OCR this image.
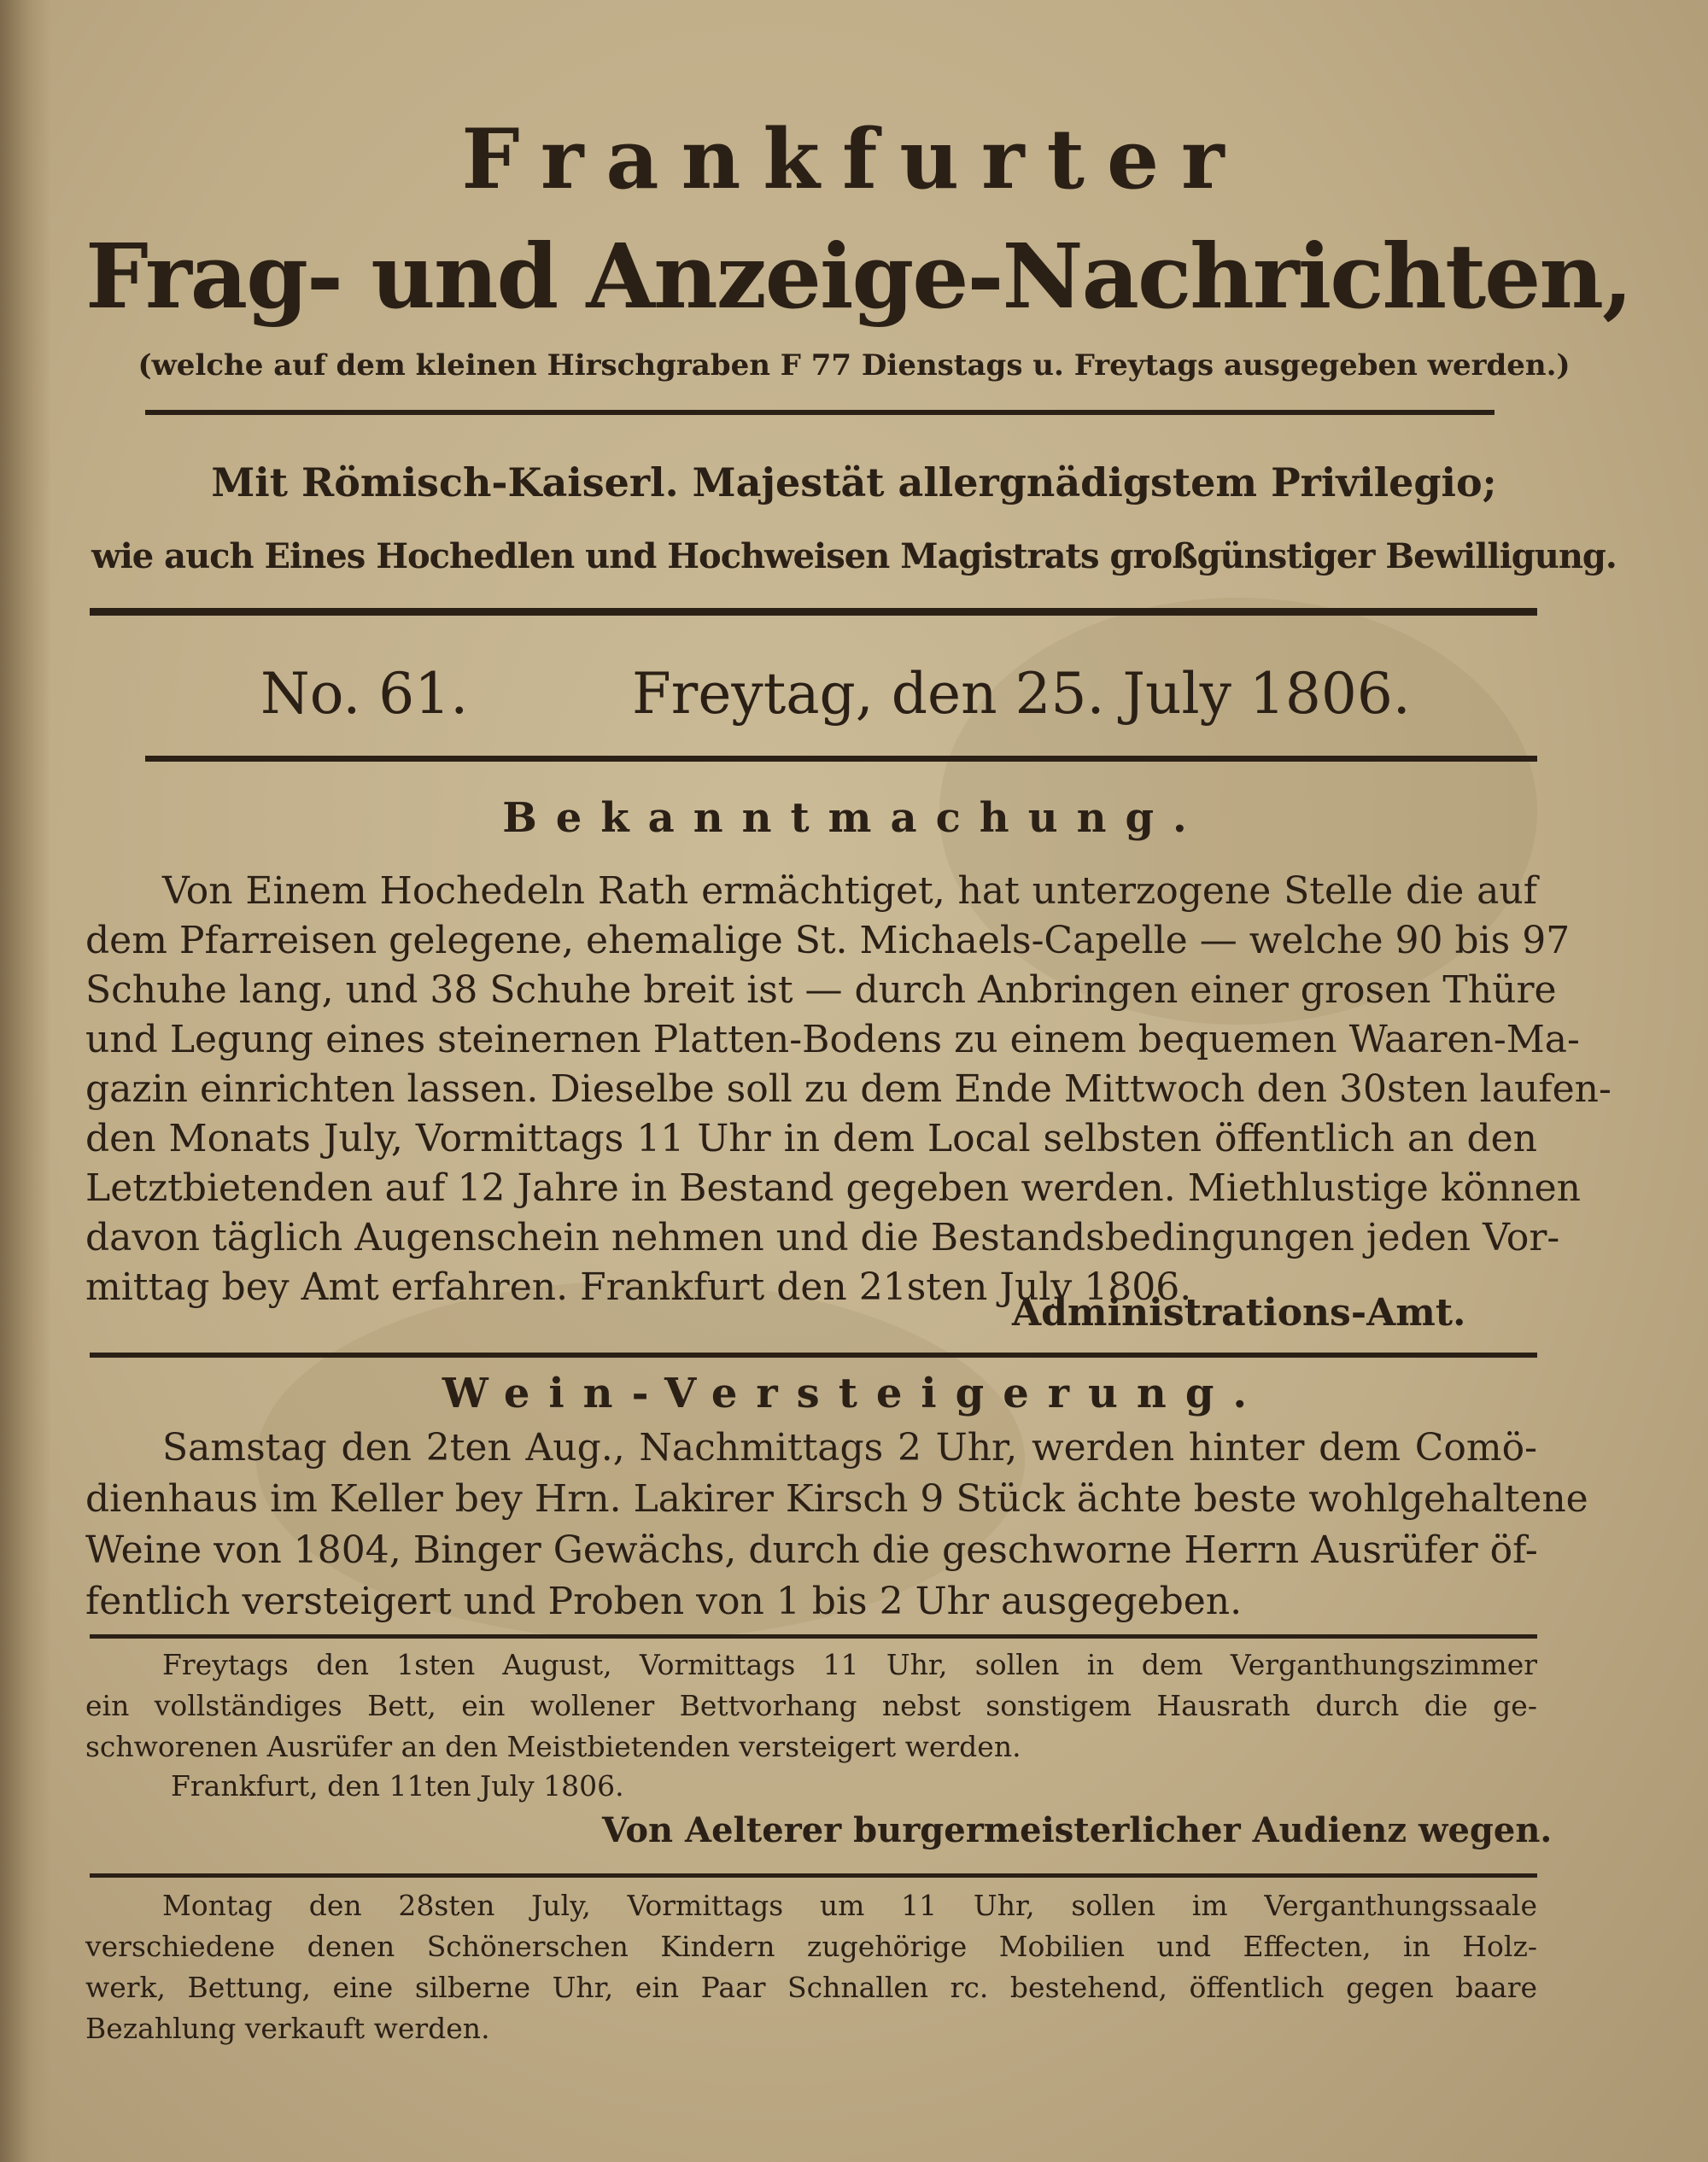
Frankfurter
Frag- und Anzeige-Nachrichten,
(welche auf dem kleinen Hirschgraben F 77 Dienstags u. Freytags ausgegeben werden.)
Mit Römisch-Kaiserl. Majestät allergnädigstem Privilegio;
wie auch Eines Hochedlen und Hochweisen Magistrats großgünstiger Bewilligung.
No. 61.	Freytag, den 25. July 1806.
Bekanntmachung.
Von Einem Hochedeln Rath ermächtiget, hat unterzogene Stelle die auf
dem Pfarreisen gelegene, ehemalige St. Michaels-Capelle — welche 90 bis 97
Schuhe lang, und 38 Schuhe breit ist — durch Anbringen einer grosen Thüre
und Legung eines steinernen Platten-Bodens zu einem bequemen Waaren-Ma-
gazin einrichten lassen. Dieselbe soll zu dem Ende Mittwoch den 30sten laufen-
den Monats July, Vormittags 11 Uhr in dem Local selbsten öffentlich an den
Letztbietenden auf 12 Jahre in Bestand gegeben werden. Miethlustige können
davon täglich Augenschein nehmen und die Bestandsbedingungen jeden Vor-
mittag bey Amt erfahren. Frankfurt den 21sten July 1806.
Administrations-Amt.
Wein-Versteigerung.
Samstag den 2ten Aug., Nachmittags 2 Uhr, werden hinter dem Comö-
dienhaus im Keller bey Hrn. Lakirer Kirsch 9 Stück ächte beste wohlgehaltene
Weine von 1804, Binger Gewächs, durch die geschworne Herrn Ausrüfer öf-
fentlich versteigert und Proben von 1 bis 2 Uhr ausgegeben.
Freytags den 1sten August, Vormittags 11 Uhr, sollen in dem Verganthungszimmer
ein vollständiges Bett, ein wollener Bettvorhang nebst sonstigem Hausrath durch die ge-
schworenen Ausrüfer an den Meistbietenden versteigert werden.
Frankfurt, den 11ten July 1806.
Von Aelterer burgermeisterlicher Audienz wegen.
Montag den 28sten July, Vormittags um 11 Uhr, sollen im Verganthungssaale
verschiedene denen Schönerschen Kindern zugehörige Mobilien und Effecten, in Holz-
werk, Bettung, eine silberne Uhr, ein Paar Schnallen rc. bestehend, öffentlich gegen baare
Bezahlung verkauft werden.
